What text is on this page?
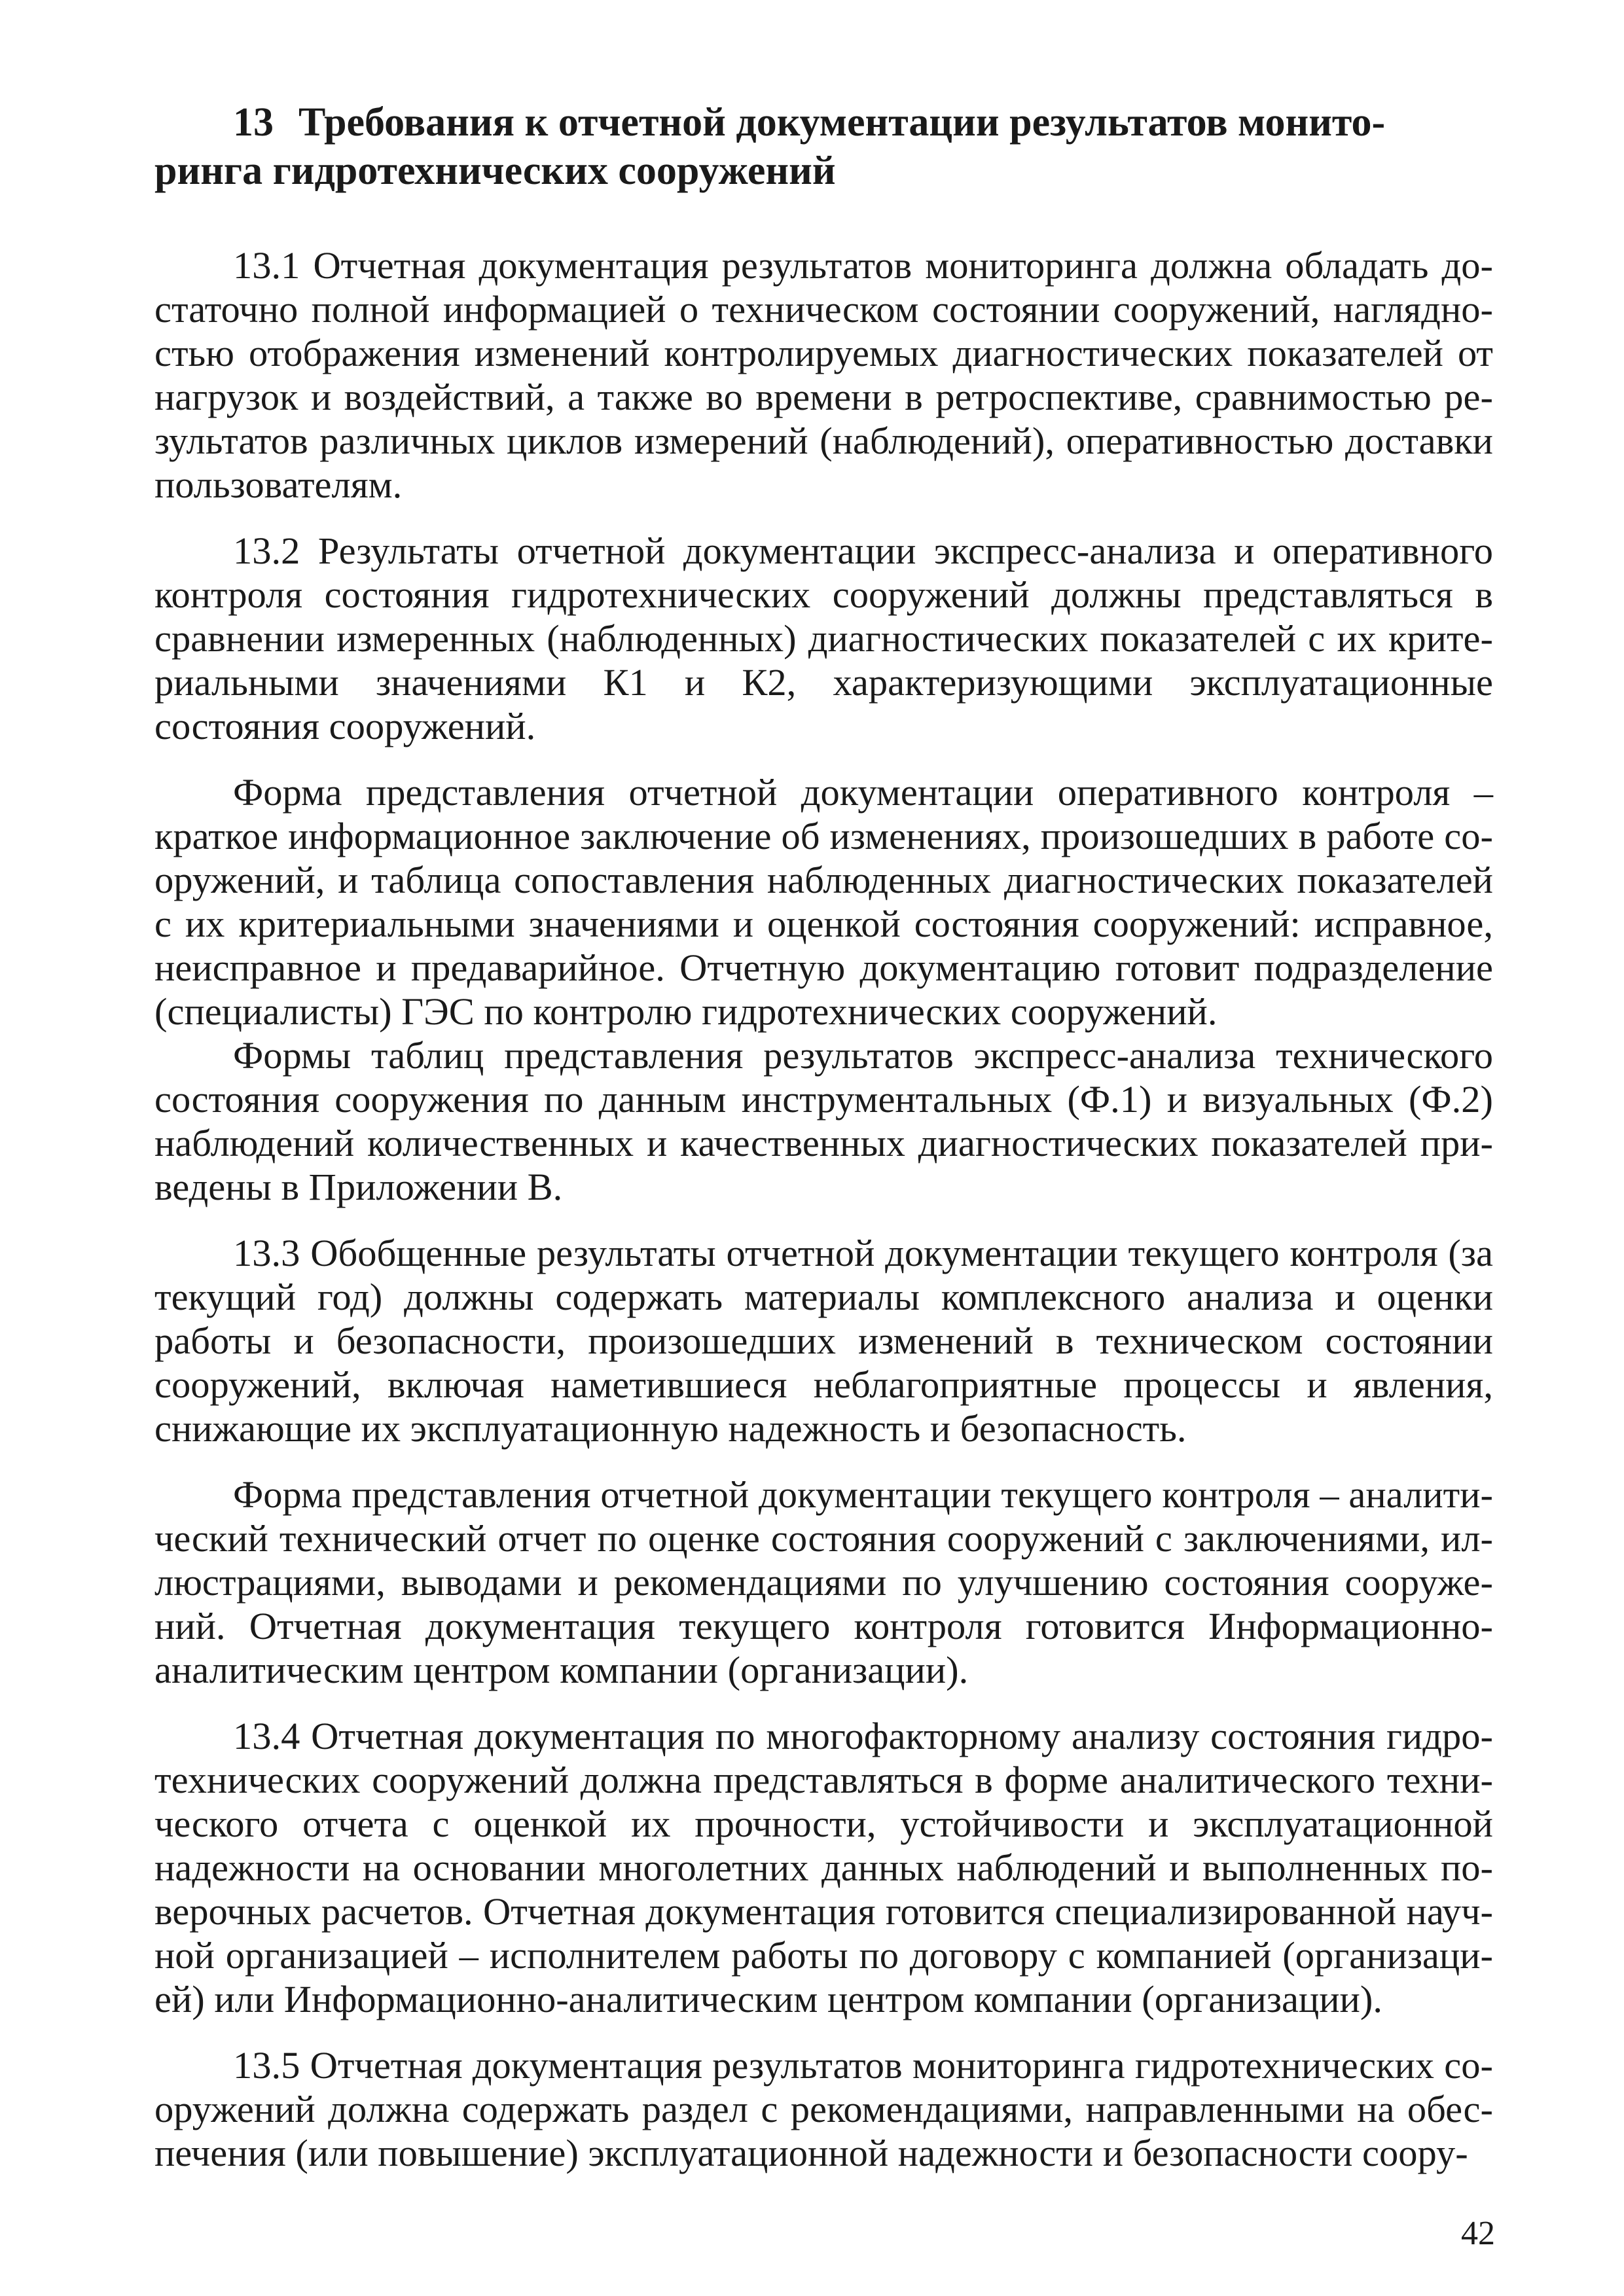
13 Требования к отчетной документации результатов монито-
ринга гидротехнических сооружений

13.1 Отчетная документация результатов мониторинга должна обладать достаточно полной информацией о техническом состоянии сооружений, наглядностью отображения изменений контролируемых диагностических показателей от нагрузок и воздействий, а также во времени в ретроспективе, сравнимостью результатов различных циклов измерений (наблюдений), оперативностью доставки пользователям.

13.2 Результаты отчетной документации экспресс-анализа и оперативного контроля состояния гидротехнических сооружений должны представляться в сравнении измеренных (наблюденных) диагностических показателей с их критериальными значениями К1 и К2, характеризующими эксплуатационные состояния сооружений.

Форма представления отчетной документации оперативного контроля – краткое информационное заключение об изменениях, произошедших в работе сооружений, и таблица сопоставления наблюденных диагностических показателей с их критериальными значениями и оценкой состояния сооружений: исправное, неисправное и предаварийное. Отчетную документацию готовит подразделение (специалисты) ГЭС по контролю гидротехнических сооружений.

Формы таблиц представления результатов экспресс-анализа технического состояния сооружения по данным инструментальных (Ф.1) и визуальных (Ф.2) наблюдений количественных и качественных диагностических показателей приведены в Приложении В.

13.3 Обобщенные результаты отчетной документации текущего контроля (за текущий год) должны содержать материалы комплексного анализа и оценки работы и безопасности, произошедших изменений в техническом состоянии сооружений, включая наметившиеся неблагоприятные процессы и явления, снижающие их эксплуатационную надежность и безопасность.

Форма представления отчетной документации текущего контроля – аналитический технический отчет по оценке состояния сооружений с заключениями, иллюстрациями, выводами и рекомендациями по улучшению состояния сооружений. Отчетная документация текущего контроля готовится Информационно-аналитическим центром компании (организации).

13.4 Отчетная документация по многофакторному анализу состояния гидротехнических сооружений должна представляться в форме аналитического технического отчета с оценкой их прочности, устойчивости и эксплуатационной надежности на основании многолетних данных наблюдений и выполненных поверочных расчетов. Отчетная документация готовится специализированной научной организацией – исполнителем работы по договору с компанией (организацией) или Информационно-аналитическим центром компании (организации).

13.5 Отчетная документация результатов мониторинга гидротехнических сооружений должна содержать раздел с рекомендациями, направленными на обеспечения (или повышение) эксплуатационной надежности и безопасности соору-

42
